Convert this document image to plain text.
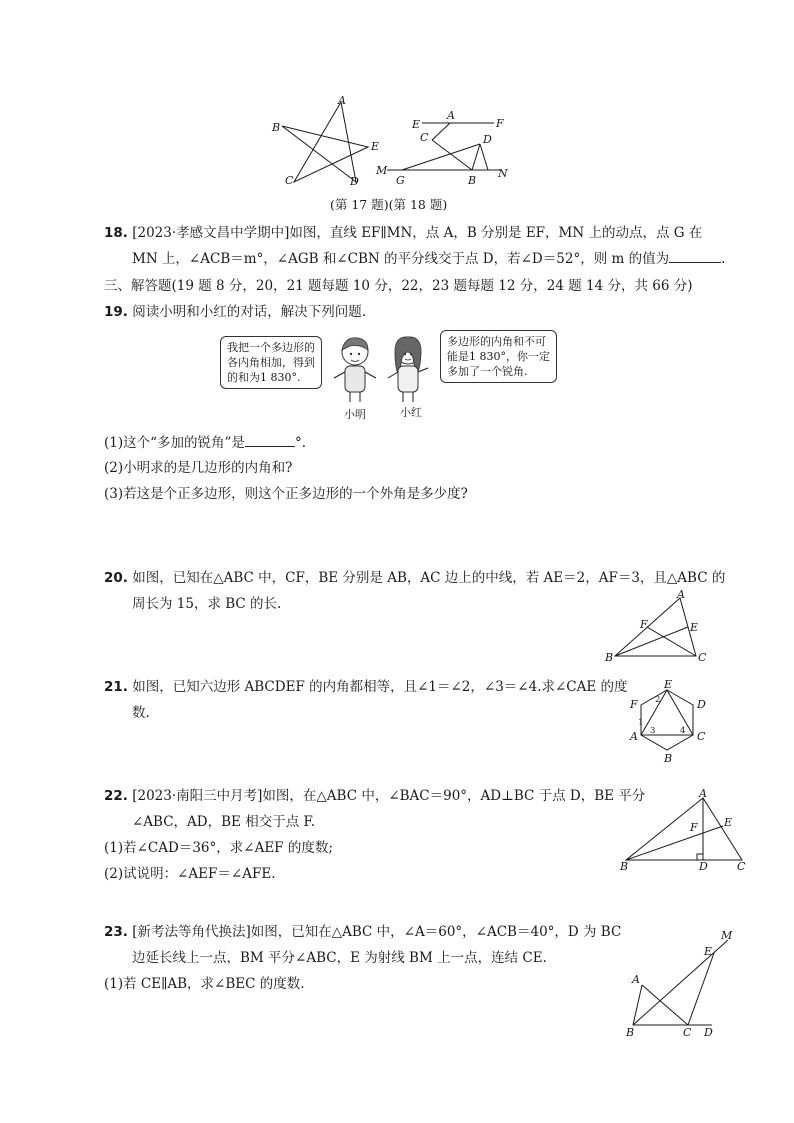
A
B
E
C	D
E
A
F
C	D
M
G	B
N
(第 17 题)(第 18 题)
18. [2023·孝感文昌中学期中]如图，直线 EF∥MN，点 A，B 分别是 EF，MN 上的动点，点 G 在
MN 上，∠ACB＝m°，∠AGB 和∠CBN 的平分线交于点 D，若∠D＝52°，则 m 的值为	.
三、解答题(19 题 8 分，20，21 题每题 10 分，22，23 题每题 12 分，24 题 14 分，共 66 分)
19. 阅读小明和小红的对话，解决下列问题.
我把一个多边形的
各内角相加，得到
的和为1 830°.
多边形的内角和不可
能是1 830°，你一定
多加了一个锐角.
小明	小红
(1)这个“多加的锐角”是	°.
(2)小明求的是几边形的内角和?
(3)若这是个正多边形，则这个正多边形的一个外角是多少度?
20. 如图，已知在△ABC 中，CF，BE 分别是 AB，AC 边上的中线，若 AE＝2，AF＝3，且△ABC 的
周长为 15，求 BC 的长.
A
F	E
B	C
21. 如图，已知六边形 ABCDEF 的内角都相等，且∠1＝∠2，∠3＝∠4.求∠CAE 的度
数.
E
F	D
A	C
B
2
1
3	4
22. [2023·南阳三中月考]如图，在△ABC 中，∠BAC＝90°，AD⊥BC 于点 D，BE 平分
∠ABC，AD，BE 相交于点 F.
(1)若∠CAD＝36°，求∠AEF 的度数;
(2)试说明：∠AEF＝∠AFE.
A
F E
B	D	C
23. [新考法等角代换法]如图，已知在△ABC 中，∠A＝60°，∠ACB＝40°，D 为 BC
边延长线上一点，BM 平分∠ABC，E 为射线 BM 上一点，连结 CE.
(1)若 CE∥AB，求∠BEC 的度数.
M
E
A
B	C D
